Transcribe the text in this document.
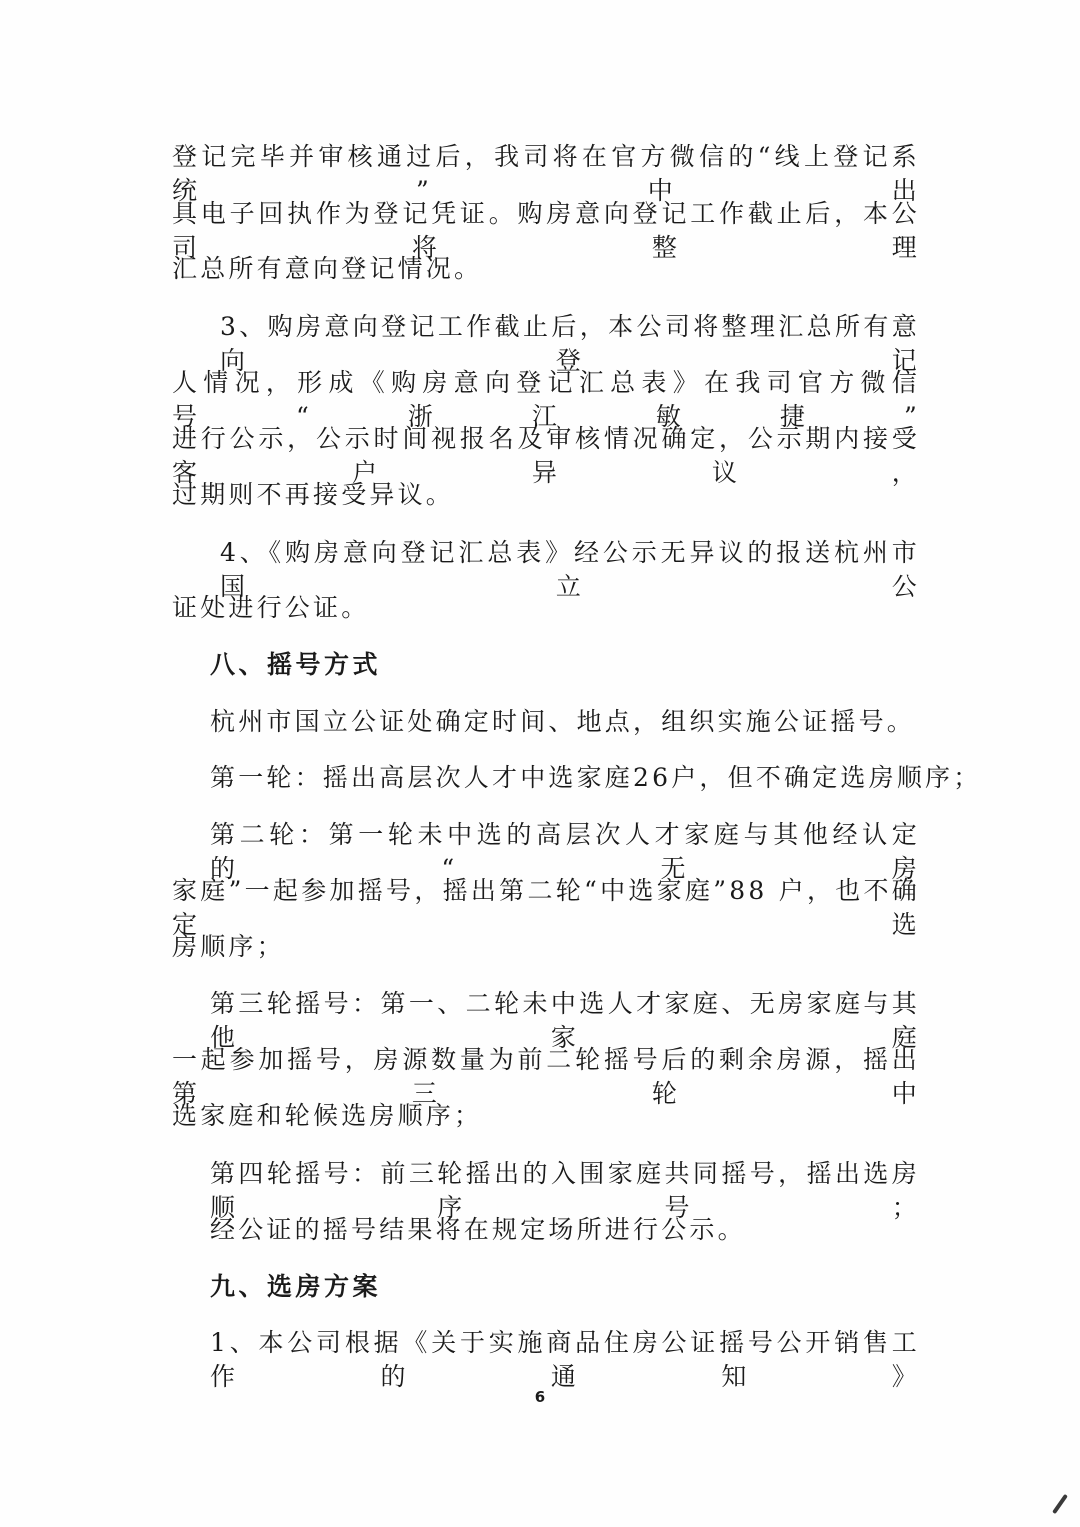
登记完毕并审核通过后，我司将在官方微信的“线上登记系统”中出
具电子回执作为登记凭证。购房意向登记工作截止后，本公司将整理
汇总所有意向登记情况。
3、购房意向登记工作截止后，本公司将整理汇总所有意向登记
人情况，形成《购房意向登记汇总表》在我司官方微信号“浙江敏捷”
进行公示，公示时间视报名及审核情况确定，公示期内接受客户异议，
过期则不再接受异议。
4、《购房意向登记汇总表》经公示无异议的报送杭州市国立公
证处进行公证。
八、摇号方式
杭州市国立公证处确定时间、地点，组织实施公证摇号。
第一轮：摇出高层次人才中选家庭26户，但不确定选房顺序；
第二轮：第一轮未中选的高层次人才家庭与其他经认定的“无房
家庭”一起参加摇号，摇出第二轮“中选家庭”88 户，也不确定选
房顺序；
第三轮摇号：第一、二轮未中选人才家庭、无房家庭与其他家庭
一起参加摇号，房源数量为前二轮摇号后的剩余房源，摇出第三轮中
选家庭和轮候选房顺序；
第四轮摇号：前三轮摇出的入围家庭共同摇号，摇出选房顺序号；
经公证的摇号结果将在规定场所进行公示。
九、选房方案
1、本公司根据《关于实施商品住房公证摇号公开销售工作的通知》
6
